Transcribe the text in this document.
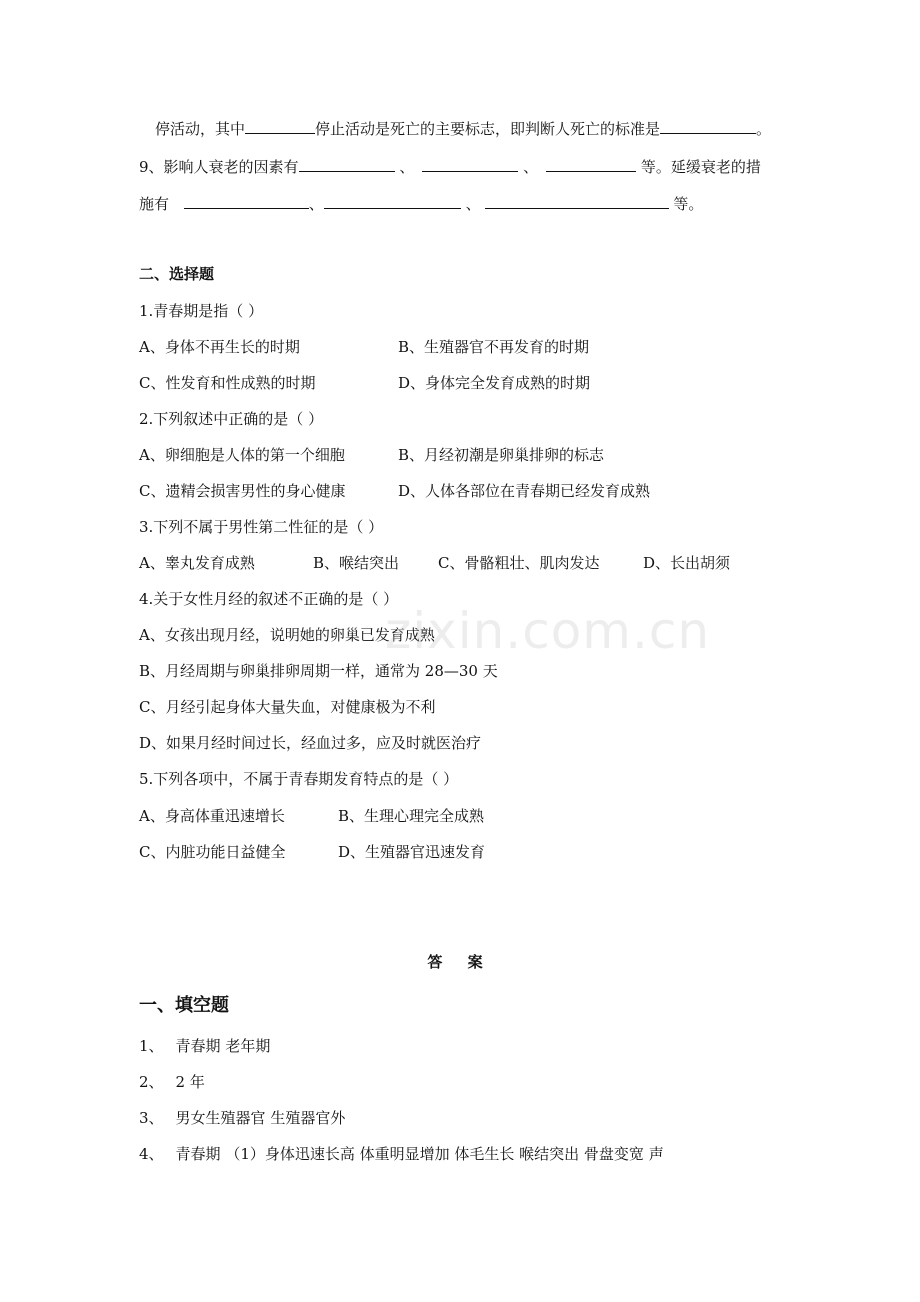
停活动，其中	停止活动是死亡的主要标志，即判断人死亡的标准是	。
9、影响人衰老的因素有	、	、	等。延缓衰老的措
施有	、	、	等。
二、选择题
1.青春期是指（ ）
A、身体不再生长的时期	B、生殖器官不再发育的时期
C、性发育和性成熟的时期	D、身体完全发育成熟的时期
2.下列叙述中正确的是（ ）
A、卵细胞是人体的第一个细胞	B、月经初潮是卵巢排卵的标志
C、遗精会损害男性的身心健康	D、人体各部位在青春期已经发育成熟
3.下列不属于男性第二性征的是（ ）
A、睾丸发育成熟	B、喉结突出	C、骨骼粗壮、肌肉发达	D、长出胡须
4.关于女性月经的叙述不正确的是（ ）
A、女孩出现月经，说明她的卵巢已发育成熟
B、月经周期与卵巢排卵周期一样，通常为 28—30 天
C、月经引起身体大量失血，对健康极为不利
D、如果月经时间过长，经血过多，应及时就医治疗
5.下列各项中，不属于青春期发育特点的是（ ）
A、身高体重迅速增长	B、生理心理完全成熟
C、内脏功能日益健全	D、生殖器官迅速发育
zixin.com.cn
答 案
一、填空题
1、 青春期 老年期
2、 2 年
3、 男女生殖器官 生殖器官外
4、 青春期 （1）身体迅速长高 体重明显增加 体毛生长 喉结突出 骨盘变宽 声
